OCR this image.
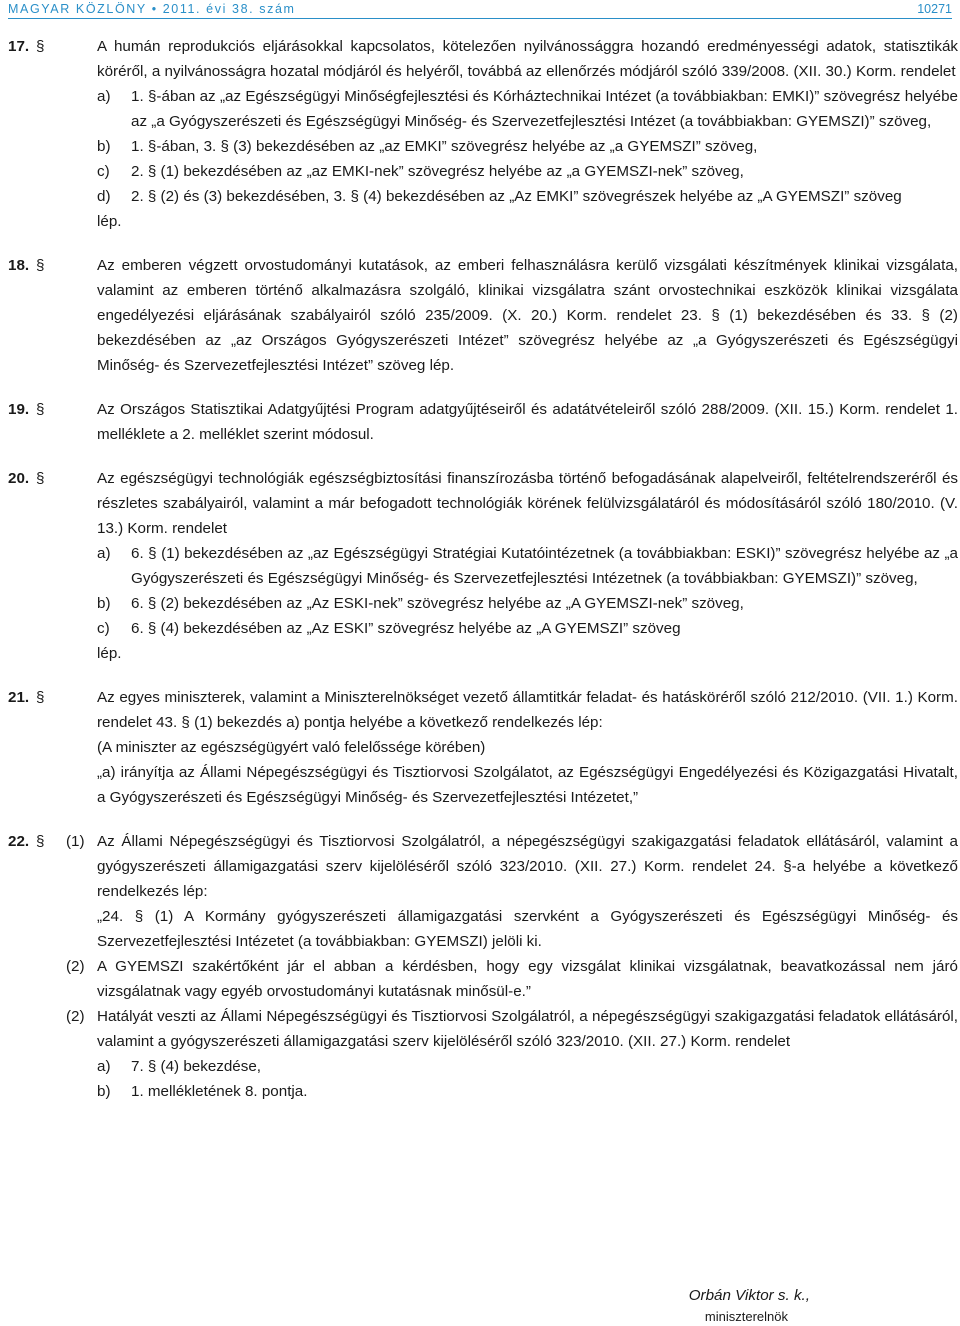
MAGYAR KÖZLÖNY • 2011. évi 38. szám	10271
17. §	A humán reprodukciós eljárásokkal kapcsolatos, kötelezően nyilvánossággra hozandó eredményességi adatok, statisztikák köréről, a nyilvánosságra hozatal módjáról és helyéről, továbbá az ellenőrzés módjáról szóló 339/2008. (XII. 30.) Korm. rendelet
a) 1. §-ában az „az Egészségügyi Minőségfejlesztési és Kórháztechnikai Intézet (a továbbiakban: EMKI)” szövegrész helyébe az „a Gyógyszerészeti és Egészségügyi Minőség- és Szervezetfejlesztési Intézet (a továbbiakban: GYEMSZI)” szöveg,
b) 1. §-ában, 3. § (3) bekezdésében az „az EMKI” szövegrész helyébe az „a GYEMSZI” szöveg,
c) 2. § (1) bekezdésében az „az EMKI-nek” szövegrész helyébe az „a GYEMSZI-nek” szöveg,
d) 2. § (2) és (3) bekezdésében, 3. § (4) bekezdésében az „Az EMKI” szövegrészek helyébe az „A GYEMSZI” szöveg
lép.
18. §	Az emberen végzett orvostudományi kutatások, az emberi felhasználásra kerülő vizsgálati készítmények klinikai vizsgálata, valamint az emberen történő alkalmazásra szolgáló, klinikai vizsgálatra szánt orvostechnikai eszközök klinikai vizsgálata engedélyezési eljárásának szabályairól szóló 235/2009. (X. 20.) Korm. rendelet 23. § (1) bekezdésében és 33. § (2) bekezdésében az „az Országos Gyógyszerészeti Intézet” szövegrész helyébe az „a Gyógyszerészeti és Egészségügyi Minőség- és Szervezetfejlesztési Intézet” szöveg lép.
19. §	Az Országos Statisztikai Adatgyűjtési Program adatgyűjtéseiről és adatátvételeiről szóló 288/2009. (XII. 15.) Korm. rendelet 1. melléklete a 2. melléklet szerint módosul.
20. §	Az egészségügyi technológiák egészségbiztosítási finanszírozásba történő befogadásának alapelveiről, feltételrendszeréről és részletes szabályairól, valamint a már befogadott technológiák körének felülvizsgálatáról és módosításáról szóló 180/2010. (V. 13.) Korm. rendelet
a) 6. § (1) bekezdésében az „az Egészségügyi Stratégiai Kutatóintézetnek (a továbbiakban: ESKI)” szövegrész helyébe az „a Gyógyszerészeti és Egészségügyi Minőség- és Szervezetfejlesztési Intézetnek (a továbbiakban: GYEMSZI)” szöveg,
b) 6. § (2) bekezdésében az „Az ESKI-nek” szövegrész helyébe az „A GYEMSZI-nek” szöveg,
c) 6. § (4) bekezdésében az „Az ESKI” szövegrész helyébe az „A GYEMSZI” szöveg
lép.
21. §	Az egyes miniszterek, valamint a Miniszterelnökséget vezető államtitkár feladat- és hatásköréről szóló 212/2010. (VII. 1.) Korm. rendelet 43. § (1) bekezdés a) pontja helyébe a következő rendelkezés lép:
(A miniszter az egészségügyért való felelőssége körében)
„a) irányítja az Állami Népegészségügyi és Tisztiorvosi Szolgálatot, az Egészségügyi Engedélyezési és Közigazgatási Hivatalt, a Gyógyszerészeti és Egészségügyi Minőség- és Szervezetfejlesztési Intézetet,”
22. § (1) Az Állami Népegészségügyi és Tisztiorvosi Szolgálatról, a népegészségügyi szakigazgatási feladatok ellátásáról, valamint a gyógyszerészeti államigazgatási szerv kijelöléséről szóló 323/2010. (XII. 27.) Korm. rendelet 24. §-a helyébe a következő rendelkezés lép:
„24. § (1) A Kormány gyógyszerészeti államigazgatási szervként a Gyógyszerészeti és Egészségügyi Minőség- és Szervezetfejlesztési Intézetet (a továbbiakban: GYEMSZI) jelöli ki.
(2) A GYEMSZI szakértőként jár el abban a kérdésben, hogy egy vizsgálat klinikai vizsgálatnak, beavatkozással nem járó vizsgálatnak vagy egyéb orvostudományi kutatásnak minősül-e.”
(2) Hatályát veszti az Állami Népegészségügyi és Tisztiorvosi Szolgálatról, a népegészségügyi szakigazgatási feladatok ellátásáról, valamint a gyógyszerészeti államigazgatási szerv kijelöléséről szóló 323/2010. (XII. 27.) Korm. rendelet
a) 7. § (4) bekezdése,
b) 1. mellékletének 8. pontja.
Orbán Viktor s. k.,
miniszterelnök
